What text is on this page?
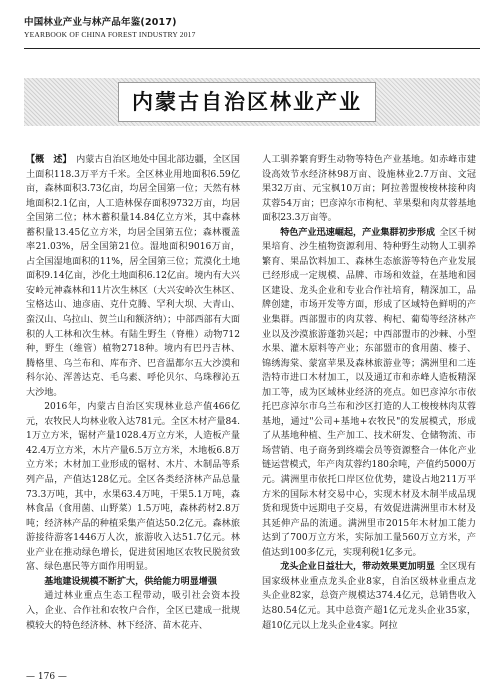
中国林业产业与林产品年鉴(2017)
YEARBOOK OF CHINA FOREST INDUSTRY 2017
内蒙古自治区林业产业

【概　述】  内蒙古自治区地处中国北部边疆，全区国土面积118.3万平方千米。全区林业用地面积6.59亿亩，森林面积3.73亿亩，均居全国第一位；天然有林地面积2.1亿亩，人工造林保存面积9732万亩，均居全国第二位；林木蓄积量14.84亿立方米，其中森林蓄积量13.45亿立方米，均居全国第五位；森林覆盖率21.03%，居全国第21位。湿地面积9016万亩，占全国湿地面积的11%，居全国第三位；荒漠化土地面积9.14亿亩，沙化土地面积6.12亿亩。境内有大兴安岭元神森林和11片次生林区（大兴安岭次生林区、宝格达山、迪彦庙、克什克腾、罕利大坝、大青山、蛮汉山、乌拉山、贺兰山和额济纳）；中部西部有大面积的人工林和次生林。有陆生野生（脊椎）动物712种，野生（维管）植物2718种。境内有巴丹吉林、腾格里、乌兰布和、库布齐、巴音温都尔五大沙漠和科尔沁、浑善达克、毛乌素、呼伦贝尔、乌珠穆沁五大沙地。

2016年，内蒙古自治区实现林业总产值466亿元，农牧民人均林业收入达781元。全区木材产量84.1万立方米，锯材产量1028.4万立方米，人造板产量42.4万立方米，木片产量6.5万立方米，木地板6.8万立方米；木材加工业形成的锯材、木片、木制品等系列产品，产值达128亿元。全区各类经济林产品总量73.3万吨，其中，水果63.4万吨，干果5.1万吨，森林食品（食用菌、山野菜）1.5万吨，森林药材2.8万吨；经济林产品的种植采集产值达50.2亿元。森林旅游接待游客1446万人次，旅游收入达51.7亿元。林业产业在推动绿色增长，促进贫困地区农牧民脱贫致富、绿色惠民等方面作用明显。

基地建设规模不断扩大，供给能力明显增强

通过林业重点生态工程带动，吸引社会资本投入，企业、合作社和农牧户合作，全区已建成一批规模较大的特色经济林、林下经济、苗木花卉、

人工驯养繁育野生动物等特色产业基地。如赤峰市建设高效节水经济林98万亩、设施林业2.7万亩、文冠果32万亩、元宝枫10万亩；阿拉善盟梭梭林接种肉苁蓉54万亩；巴彦淖尔市枸杞、苹果梨和肉苁蓉基地面积23.3万亩等。

特色产业迅速崛起，产业集群初步形成  全区千树果培育、沙生植物资源利用、特种野生动物人工驯养繁育、果品饮料加工、森林生态旅游等特色产业发展已经形成一定规模、品牌、市场和效益，在基地和园区建设、龙头企业和专业合作社培育，精深加工，品牌创建，市场开发等方面，形成了区域特色鲜明的产业集群。西部盟市的肉苁蓉、枸杞、葡萄等经济林产业以及沙漠旅游蓬勃兴起；中西部盟市的沙棘、小型水果、灌木原料等产业；东部盟市的食用菌、榛子、锦绣海棠、蒙富苹果及森林旅游业等；满洲里和二连浩特市进口木材加工，以及通辽市和赤峰人造板精深加工等，成为区域林业经济的亮点。如巴彦淖尔市依托巴彦淖尔市乌兰布和沙区打造的人工梭梭林肉苁蓉基地，通过"公司+基地+农牧民"的发展模式，形成了从基地种植、生产加工、技术研发、仓储物流、市场营销、电子商务到终端会员等资源整合一体化产业链运营模式，年产肉苁蓉约180余吨，产值约5000万元。满洲里市依托口岸区位优势，建设占地211万平方米的国际木材交易中心，实现木材及木制半成品现货和现货中远期电子交易，有效促进满洲里市木材及其延伸产品的流通。满洲里市2015年木材加工能力达到了700万立方米，实际加工量560万立方米，产值达到100多亿元，实现利税1亿多元。

龙头企业日益壮大，带动效果更加明显  全区现有国家级林业重点龙头企业8家，自治区级林业重点龙头企业82家，总资产规模达374.4亿元，总销售收入达80.54亿元。其中总资产超1亿元龙头企业35家，超10亿元以上龙头企业4家。阿拉

— 176 —
